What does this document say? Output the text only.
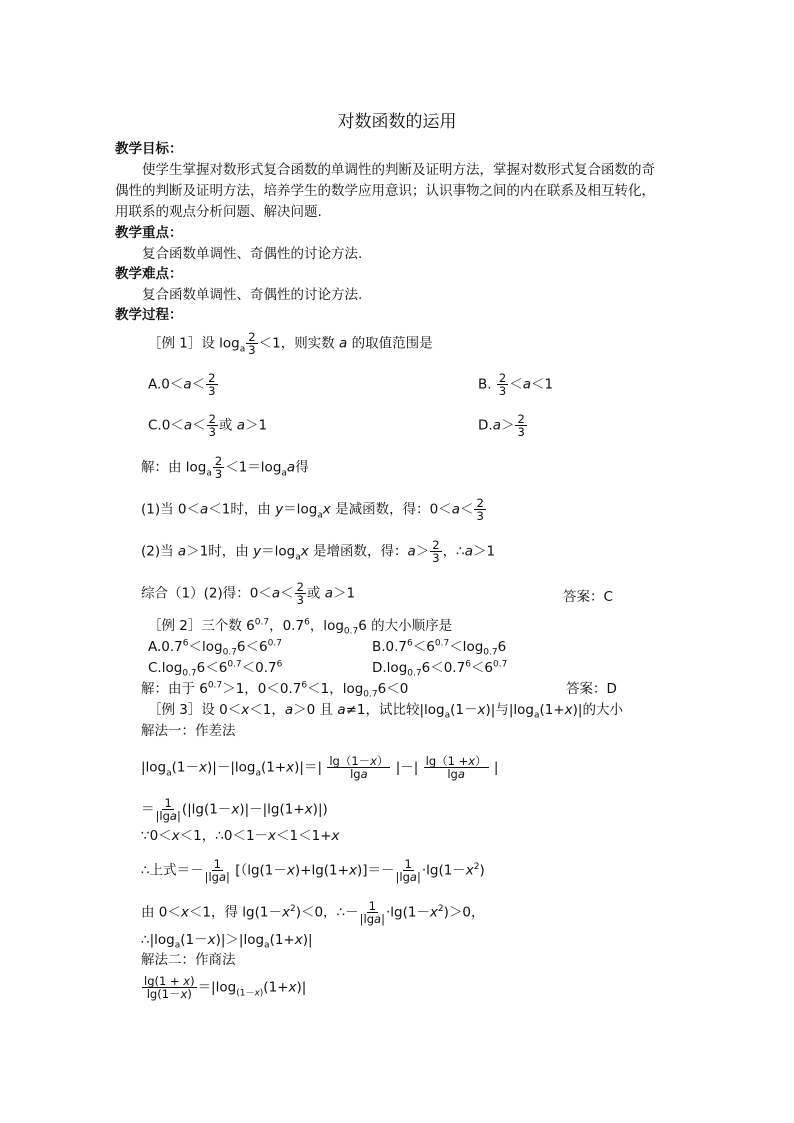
对数函数的运用
教学目标：
使学生掌握对数形式复合函数的单调性的判断及证明方法，掌握对数形式复合函数的奇
偶性的判断及证明方法，培养学生的数学应用意识；认识事物之间的内在联系及相互转化，
用联系的观点分析问题、解决问题.
教学重点：
复合函数单调性、奇偶性的讨论方法.
教学难点：
复合函数单调性、奇偶性的讨论方法.
教学过程：
［例 1］设 $\log_a \frac{2}{3} <1$，则实数 a 的取值范围是
$A.0<a< \frac{2}{3}$	B. $\frac{2}{3} <a<1$
$C.0<a< \frac{2}{3}$ 或 a＞1	$D.a> \frac{2}{3}$
解：由 $\log_a \frac{2}{3} <1=\log_aa$得
(1)当 0＜a＜1时，由 $y=\log_ax$ 是减函数，得：$0<a< \frac{2}{3}$
(2)当 a＞1时，由 $y=\log_ax$ 是增函数，得：$a> \frac{2}{3}$ ，∴a＞1
综合（1）(2)得：$0<a< \frac{2}{3}$ 或 a＞1	答案：C
［例 2］三个数 $6^{0.7}$，$0.7^6$，$\log_{0.7}6$ 的大小顺序是
$A.0.7^6<\log_{0.7}6<6^{0.7}$	$B.0.7^6<6^{0.7}<\log_{0.7}6$
$C.\log_{0.7}6<6^{0.7}<0.7^6$	$D.\log_{0.7}6<0.7^6<6^{0.7}$
解：由于 $6^{0.7}>1$，$0<0.7^6<1$，$\log_{0.7}6<0$	答案：D
［例 3］设 0＜x＜1，a＞0 且 a≠1，试比较$|\log_a(1-x)|$与$|\log_a(1+x)|$的大小
解法一：作差法
$|\log_a(1-x)|-|\log_a(1+x)|=| \frac{\lg(1-x)}{\lg a}$ |－| $\frac{\lg(1 +x)}{\lg a}$ |
＝ $\frac{1}{|\lg a|} (|\lg(1-x)|-|\lg(1+x)|)$
∵0＜x＜1，∴0＜1－x＜1＜1+x
∴上式＝－ $\frac{1}{|\lg a|} [(\lg(1-x)+\lg(1+x)]=- \frac{1}{|\lg a|} \cdot\lg(1-x^2)$
由 0＜x＜1，得 $\lg(1-x^2)<0$，∴－ $\frac{1}{|\lg a|} \cdot\lg(1-x^2)>0$，
$\therefore|\log_a(1-x)|>|\log_a(1+x)|$
解法二：作商法
$\frac{\lg(1 + x)}{\lg(1-x)} =|\log_{(1-x)}(1+x)|$
